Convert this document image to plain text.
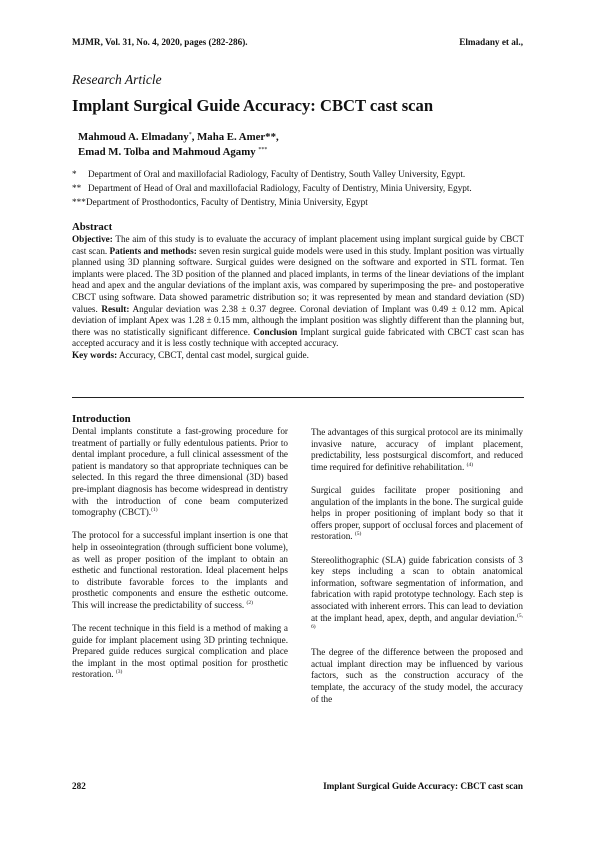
MJMR, Vol. 31, No. 4, 2020, pages (282-286).	Elmadany et al.,
Research Article
Implant Surgical Guide Accuracy: CBCT cast scan
Mahmoud A. Elmadany*, Maha E. Amer**,
Emad M. Tolba and Mahmoud Agamy ***
*	Department of Oral and maxillofacial Radiology, Faculty of Dentistry, South Valley University, Egypt.
** Department of Head of Oral and maxillofacial Radiology, Faculty of Dentistry, Minia University, Egypt.
*** Department of Prosthodontics, Faculty of Dentistry, Minia University, Egypt
Abstract
Objective: The aim of this study is to evaluate the accuracy of implant placement using implant surgical guide by CBCT cast scan. Patients and methods: seven resin surgical guide models were used in this study. Implant position was virtually planned using 3D planning software. Surgical guides were designed on the software and exported in STL format. Ten implants were placed. The 3D position of the planned and placed implants, in terms of the linear deviations of the implant head and apex and the angular deviations of the implant axis, was compared by superimposing the pre- and postoperative CBCT using software. Data showed parametric distribution so; it was represented by mean and standard deviation (SD) values. Result: Angular deviation was 2.38 ± 0.37 degree. Coronal deviation of Implant was 0.49 ± 0.12 mm. Apical deviation of implant Apex was 1.28 ± 0.15 mm, although the implant position was slightly different than the planning but, there was no statistically significant difference. Conclusion Implant surgical guide fabricated with CBCT cast scan has accepted accuracy and it is less costly technique with accepted accuracy.
Key words: Accuracy, CBCT, dental cast model, surgical guide.
Introduction

Dental implants constitute a fast-growing procedure for treatment of partially or fully edentulous patients. Prior to dental implant procedure, a full clinical assessment of the patient is mandatory so that appropriate techniques can be selected. In this regard the three dimensional (3D) based pre-implant diagnosis has become widespread in dentistry with the introduction of cone beam computerized tomography (CBCT).$^{(1)}$

The protocol for a successful implant insertion is one that help in osseointegration (through sufficient bone volume), as well as proper position of the implant to obtain an esthetic and functional restoration. Ideal placement helps to distribute favorable forces to the implants and prosthetic components and ensure the esthetic outcome. This will increase the predictability of success. $^{(2)}$

The recent technique in this field is a method of making a guide for implant placement using 3D printing technique. Prepared guide reduces surgical complication and place the implant in the most optimal position for prosthetic restoration. $^{(3)}$

The advantages of this surgical protocol are its minimally invasive nature, accuracy of implant placement, predictability, less postsurgical discomfort, and reduced time required for definitive rehabilitation. $^{(4)}$

Surgical guides facilitate proper positioning and angulation of the implants in the bone. The surgical guide helps in proper positioning of implant body so that it offers proper, support of occlusal forces and placement of restoration. $^{(5)}$

Stereolithographic (SLA) guide fabrication consists of 3 key steps including a scan to obtain anatomical information, software segmentation of information, and fabrication with rapid prototype technology. Each step is associated with inherent errors. This can lead to deviation at the implant head, apex, depth, and angular deviation.$^{(5, 6)}$

The degree of the difference between the proposed and actual implant direction may be influenced by various factors, such as the construction accuracy of the template, the accuracy of the study model, the accuracy of the

282	Implant Surgical Guide Accuracy: CBCT cast scan
